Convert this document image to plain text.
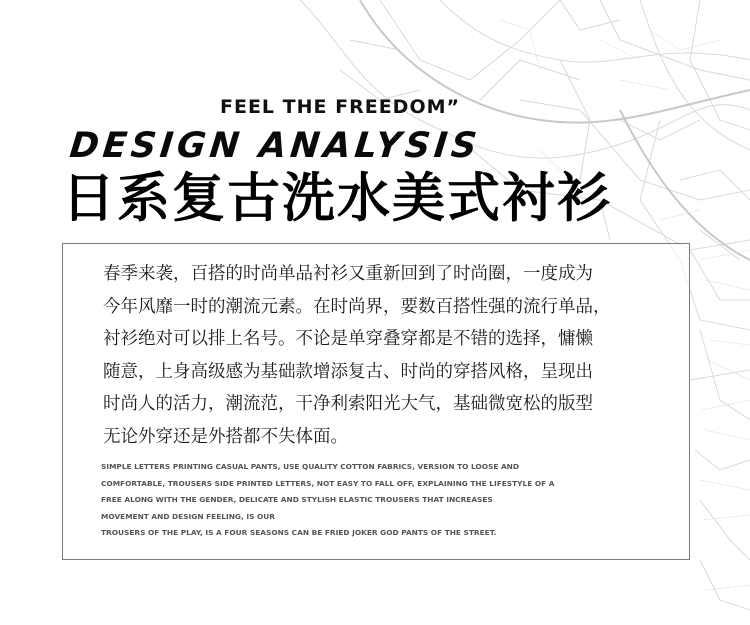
FEEL THE FREEDOM”
DESIGN ANALYSIS
日系复古洗水美式衬衫

春季来袭，百搭的时尚单品衬衫又重新回到了时尚圈，一度成为
今年风靡一时的潮流元素。在时尚界，要数百搭性强的流行单品，
衬衫绝对可以排上名号。不论是单穿叠穿都是不错的选择，慵懒
随意，上身高级感为基础款增添复古、时尚的穿搭风格，呈现出
时尚人的活力，潮流范，干净利索阳光大气，基础微宽松的版型
无论外穿还是外搭都不失体面。

SIMPLE LETTERS PRINTING CASUAL PANTS, USE QUALITY COTTON FABRICS, VERSION TO LOOSE AND
COMFORTABLE, TROUSERS SIDE PRINTED LETTERS, NOT EASY TO FALL OFF, EXPLAINING THE LIFESTYLE OF A
FREE ALONG WITH THE GENDER, DELICATE AND STYLISH ELASTIC TROUSERS THAT INCREASES
MOVEMENT AND DESIGN FEELING, IS OUR
TROUSERS OF THE PLAY, IS A FOUR SEASONS CAN BE FRIED JOKER GOD PANTS OF THE STREET.
